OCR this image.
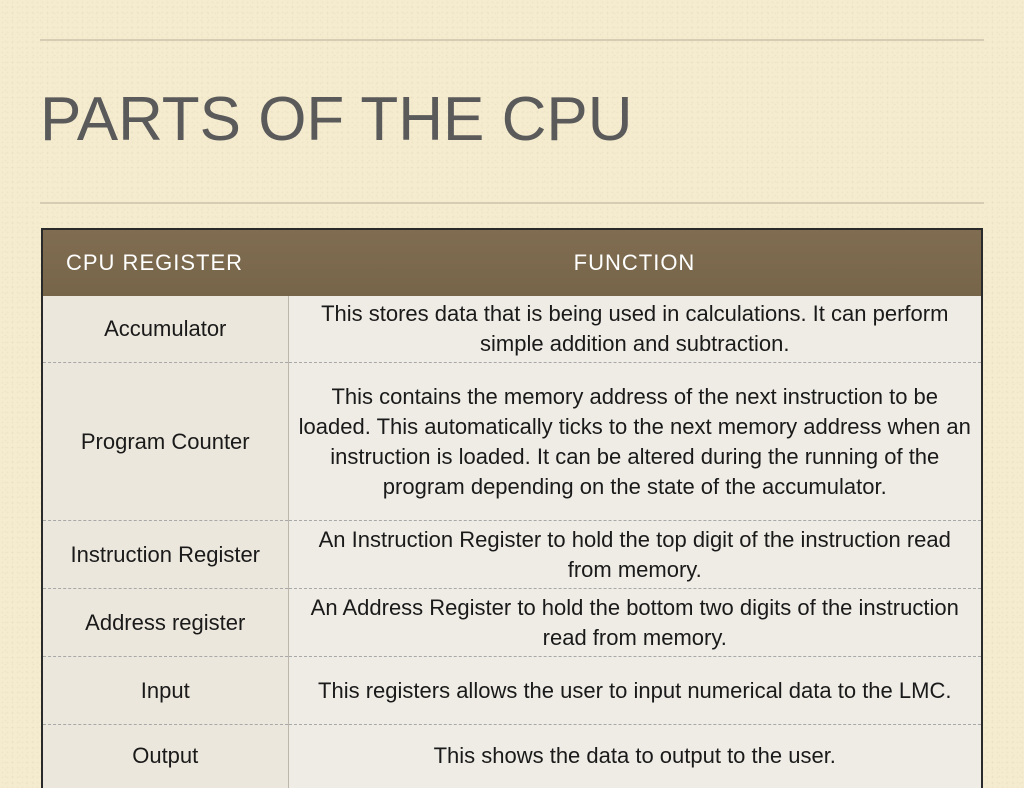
PARTS OF THE CPU
CPU REGISTER	FUNCTION
Accumulator	This stores data that is being used in calculations. It can perform simple addition and subtraction.
Program Counter	This contains the memory address of the next instruction to be loaded. This automatically ticks to the next memory address when an instruction is loaded. It can be altered during the running of the program depending on the state of the accumulator.
Instruction Register	An Instruction Register to hold the top digit of the instruction read from memory.
Address register	An Address Register to hold the bottom two digits of the instruction read from memory.
Input	This registers allows the user to input numerical data to the LMC.
Output	This shows the data to output to the user.
